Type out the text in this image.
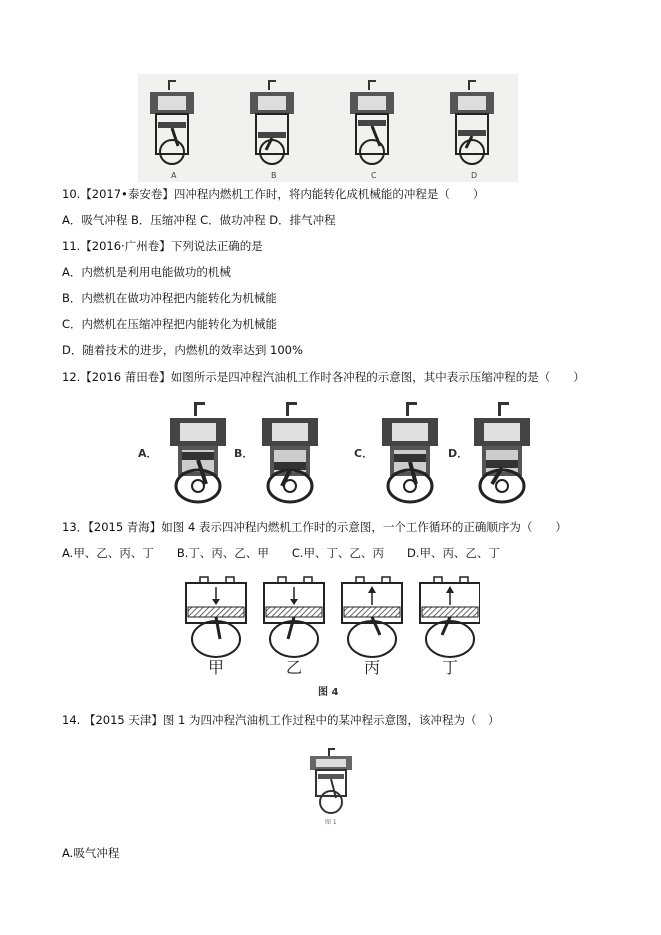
A	B	C	D
10.【2017•泰安卷】四冲程内燃机工作时，将内能转化成机械能的冲程是（　　）
A．吸气冲程 B．压缩冲程 C．做功冲程 D．排气冲程
11.【2016·广州卷】下列说法正确的是
A．内燃机是利用电能做功的机械
B．内燃机在做功冲程把内能转化为机械能
C．内燃机在压缩冲程把内能转化为机械能
D．随着技术的进步，内燃机的效率达到 100%
12.【2016 莆田卷】如图所示是四冲程汽油机工作时各冲程的示意图，其中表示压缩冲程的是（　　）
A．	B．	C．	D．
13．【2015 青海】如图 4 表示四冲程内燃机工作时的示意图，一个工作循环的正确顺序为（　　）
A.甲、乙、丙、丁　　B.丁、丙、乙、甲　　C.甲、丁、乙、丙　　D.甲、丙、乙、丁
甲	乙	丙	丁
图 4
14. 【2015 天津】图 1 为四冲程汽油机工作过程中的某冲程示意图，该冲程为（　）
图 1
A.吸气冲程
